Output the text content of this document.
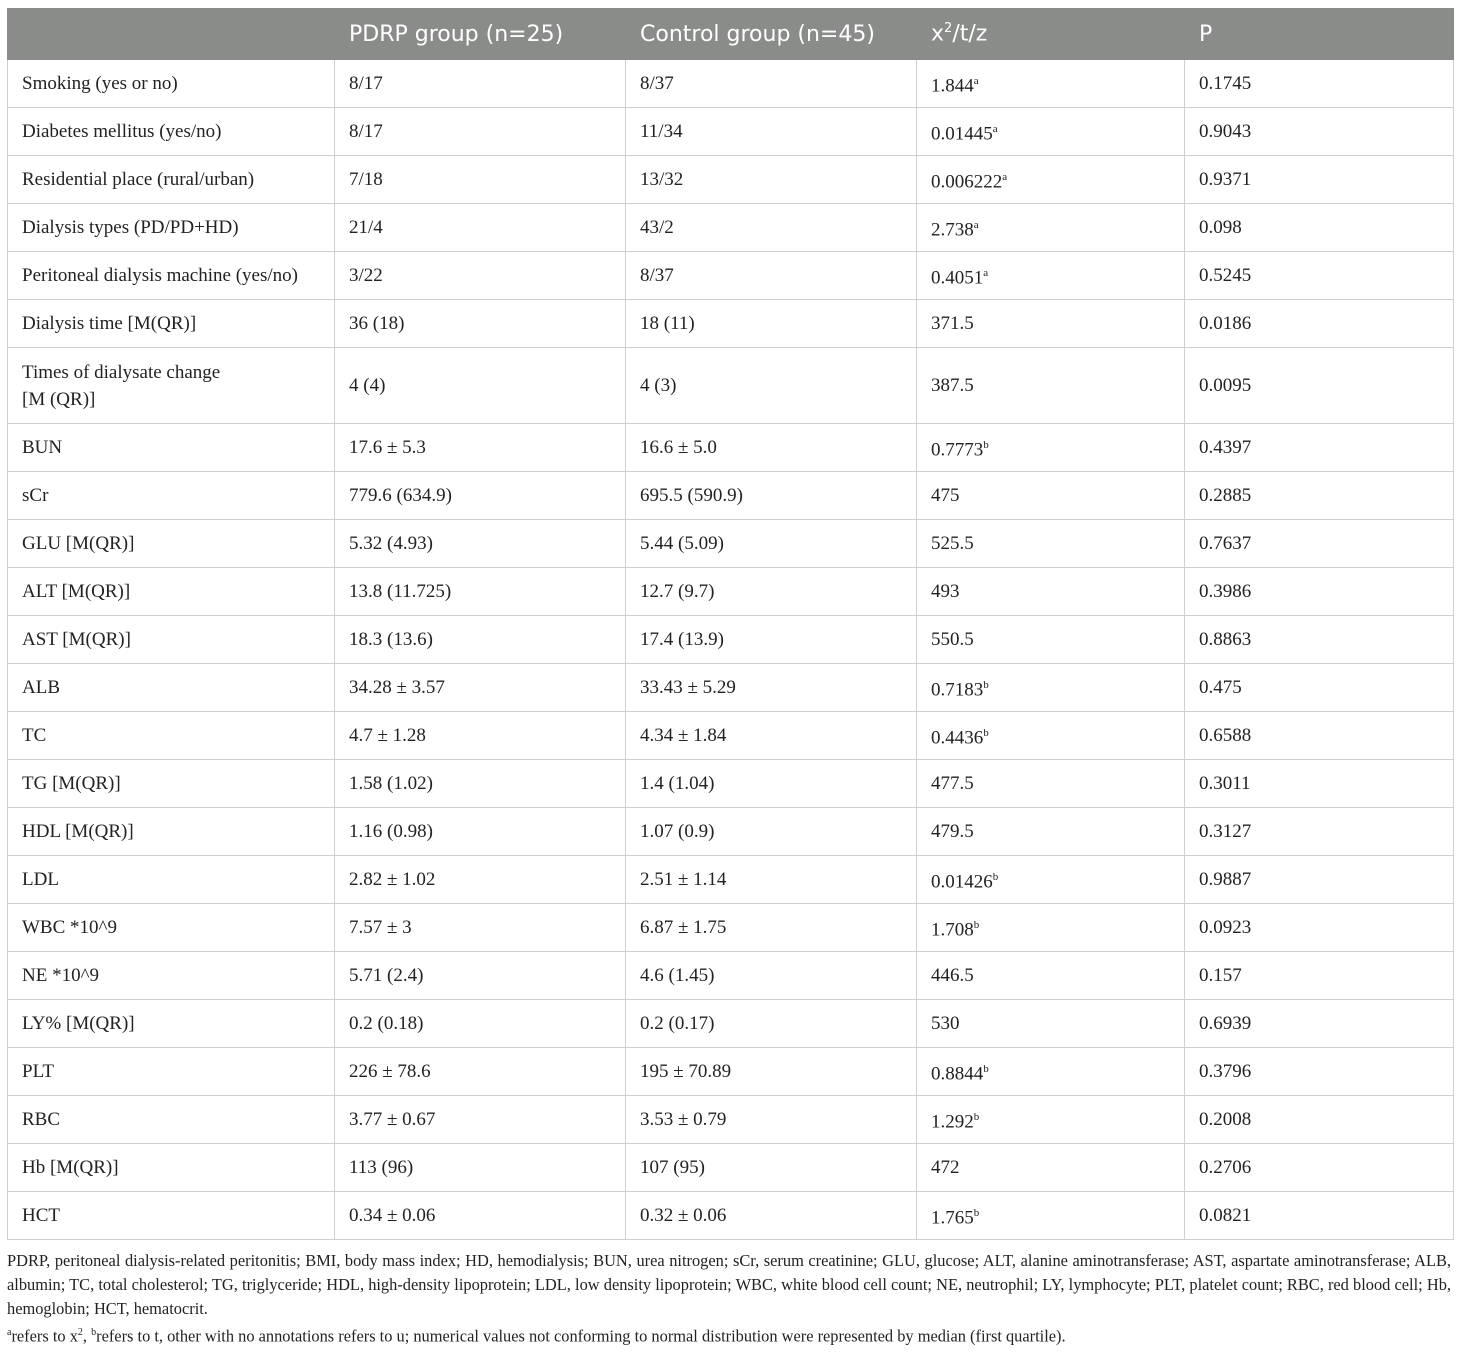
	PDRP group (n=25)	Control group (n=45)	$x^2/t/z$	P
Smoking (yes or no)	8/17	8/37	1.844$^a$	0.1745
Diabetes mellitus (yes/no)	8/17	11/34	0.01445$^a$	0.9043
Residential place (rural/urban)	7/18	13/32	0.006222$^a$	0.9371
Dialysis types (PD/PD+HD)	21/4	43/2	2.738$^a$	0.098
Peritoneal dialysis machine (yes/no)	3/22	8/37	0.4051$^a$	0.5245
Dialysis time [M(QR)]	36 (18)	18 (11)	371.5	0.0186
Times of dialysate change
[M (QR)]	4 (4)	4 (3)	387.5	0.0095
BUN	17.6 ± 5.3	16.6 ± 5.0	0.7773$^b$	0.4397
sCr	779.6 (634.9)	695.5 (590.9)	475	0.2885
GLU [M(QR)]	5.32 (4.93)	5.44 (5.09)	525.5	0.7637
ALT [M(QR)]	13.8 (11.725)	12.7 (9.7)	493	0.3986
AST [M(QR)]	18.3 (13.6)	17.4 (13.9)	550.5	0.8863
ALB	34.28 ± 3.57	33.43 ± 5.29	0.7183$^b$	0.475
TC	4.7 ± 1.28	4.34 ± 1.84	0.4436$^b$	0.6588
TG [M(QR)]	1.58 (1.02)	1.4 (1.04)	477.5	0.3011
HDL [M(QR)]	1.16 (0.98)	1.07 (0.9)	479.5	0.3127
LDL	2.82 ± 1.02	2.51 ± 1.14	0.01426$^b$	0.9887
WBC *10^9	7.57 ± 3	6.87 ± 1.75	1.708$^b$	0.0923
NE *10^9	5.71 (2.4)	4.6 (1.45)	446.5	0.157
LY% [M(QR)]	0.2 (0.18)	0.2 (0.17)	530	0.6939
PLT	226 ± 78.6	195 ± 70.89	0.8844$^b$	0.3796
RBC	3.77 ± 0.67	3.53 ± 0.79	1.292$^b$	0.2008
Hb [M(QR)]	113 (96)	107 (95)	472	0.2706
HCT	0.34 ± 0.06	0.32 ± 0.06	1.765$^b$	0.0821

PDRP, peritoneal dialysis-related peritonitis; BMI, body mass index; HD, hemodialysis; BUN, urea nitrogen; sCr, serum creatinine; GLU, glucose; ALT, alanine aminotransferase; AST, aspartate aminotransferase; ALB, albumin; TC, total cholesterol; TG, triglyceride; HDL, high-density lipoprotein; LDL, low density lipoprotein; WBC, white blood cell count; NE, neutrophil; LY, lymphocyte; PLT, platelet count; RBC, red blood cell; Hb, hemoglobin; HCT, hematocrit.

$^a$refers to $x^2$, $^b$refers to t, other with no annotations refers to u; numerical values not conforming to normal distribution were represented by median (first quartile).
